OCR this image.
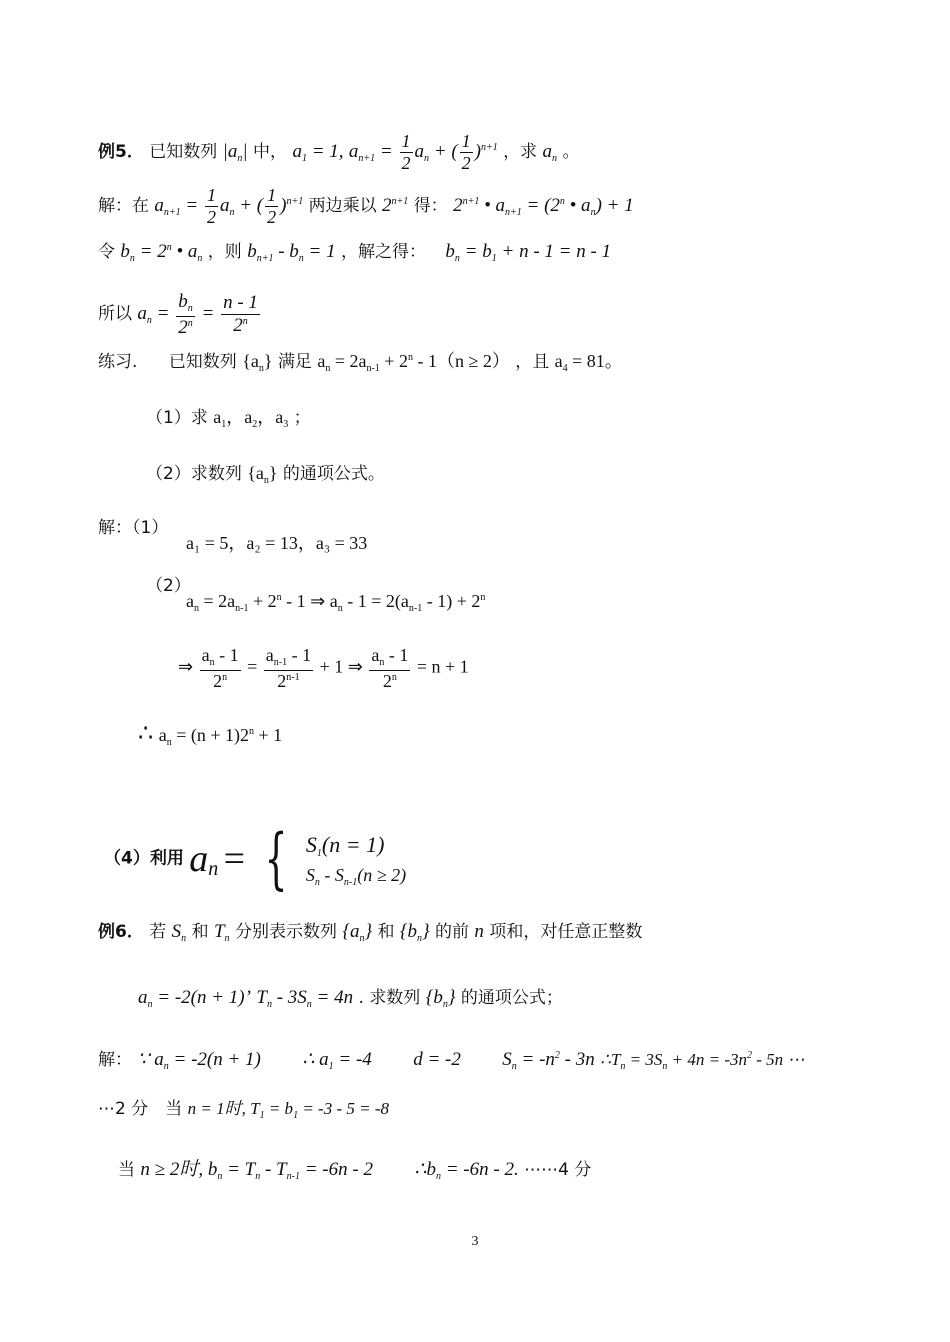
例5． 已知数列 $|a_n|$ 中， $a_1 = 1$, $a_{n+1} = \frac{1}{2} a_n$ + ( $\frac{1}{2} )^{n+1}$ ，求 $a_n$ 。
解：在 $a_{n+1} = \frac{1}{2} a_n$ + ( $\frac{1}{2} )^{n+1}$ 两边乘以 $2^{n+1}$ 得： $2^{n+1}$ • $a_{n+1} = (2^n$ • $a_n) + 1$
令 $b_n = 2^n$ • $a_n$ ，则 $b_{n+1} - b_n = 1$ ，解之得： $b_n = b_1 + n - 1 = n - 1$
所以 $a_n = \frac{b_n}{2^n} = \frac{n - 1}{2^n}$
练习. 已知数列 $\{a_n\}$ 满足 $a_n = 2a_{n-1} + 2^n - 1(n \ge 2)$ ，且 $a_4 = 81$。
（1）求 $a_1$，$a_2$，$a_3$ ；
（2）求数列 $\{a_n\}$ 的通项公式。
解：（1）
a₁ = 5，a₂ = 13，a₃ = 33
（2）
$a_n = 2a_{n-1} + 2^n - 1$ ⇒ $a_n - 1 = 2(a_{n-1} - 1) + 2^n$
⇒ $\frac{a_n - 1}{2^n} = \frac{a_{n-1} - 1}{2^{n-1}} + 1$ ⇒ $\frac{a_n - 1}{2^n} = n + 1$
∴ $a_n = (n + 1)2^n + 1$
（4）利用 $a_n$ = { $S_1(n = 1)$
$S_n - S_{n-1}(n \ge 2)$
例6． 若 $S_n$ 和 $T_n$ 分别表示数列 $\{a_n\}$ 和 $\{b_n\}$ 的前 n 项和，对任意正整数
$a_n = -2(n + 1)$’ $T_n - 3S_n = 4n$ . 求数列 $\{b_n\}$ 的通项公式；
解： ∵ $a_n = -2(n + 1)$ ∴ $a_1 = -4$ d = -2 $S_n = -n^2 - 3n$ $\therefore T_n = 3S_n + 4n = -3n^2 - 5n$ ⋯
⋯2 分　当 n = 1时, $T_1 = b_1 = -3 - 5 = -8$
当 n ≥ 2时, $b_n = T_n - T_{n-1} = -6n - 2$ $\therefore b_n = -6n - 2$. ⋯⋯4 分
3
